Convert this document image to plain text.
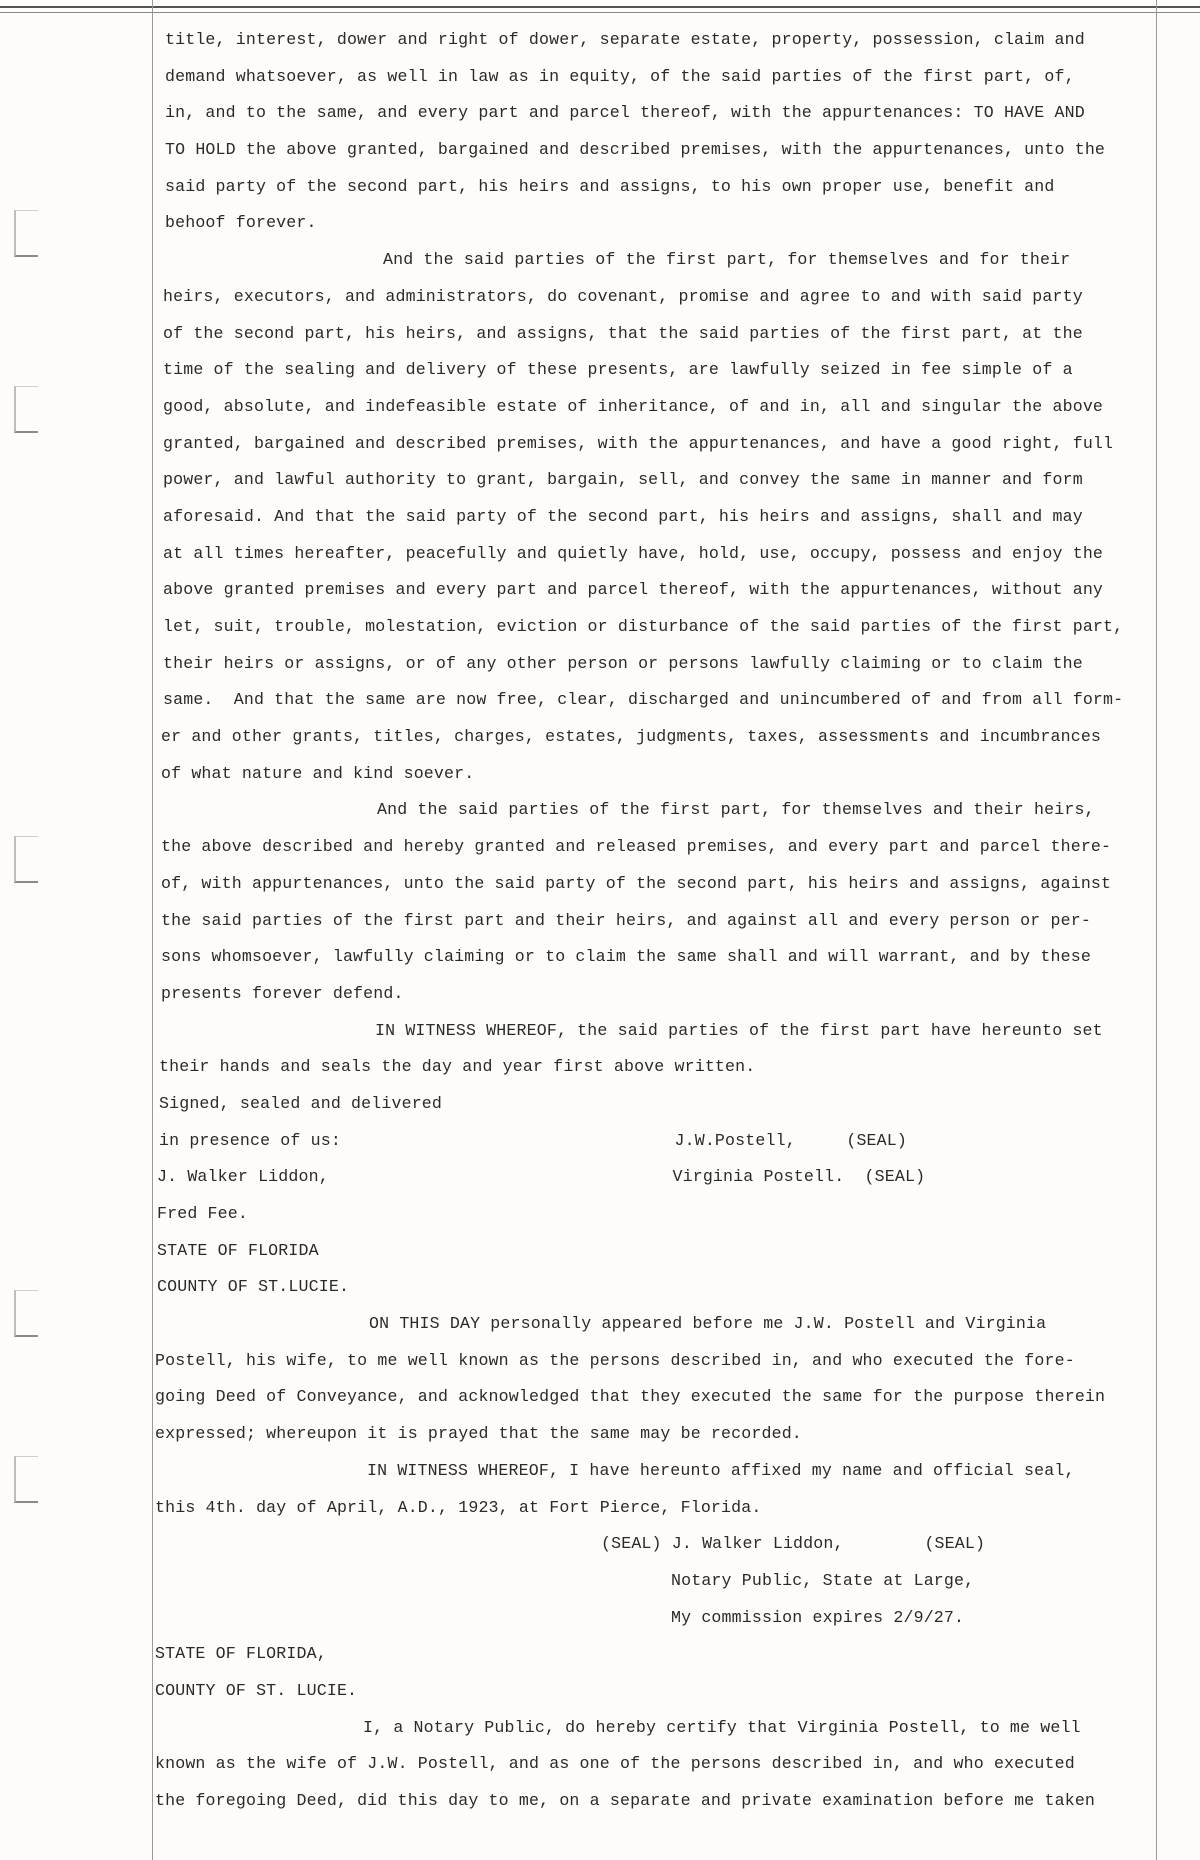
title, interest, dower and right of dower, separate estate, property, possession, claim and
demand whatsoever, as well in law as in equity, of the said parties of the first part, of,
in, and to the same, and every part and parcel thereof, with the appurtenances: TO HAVE AND
TO HOLD the above granted, bargained and described premises, with the appurtenances, unto the
said party of the second part, his heirs and assigns, to his own proper use, benefit and
behoof forever.
And the said parties of the first part, for themselves and for their
heirs, executors, and administrators, do covenant, promise and agree to and with said party
of the second part, his heirs, and assigns, that the said parties of the first part, at the
time of the sealing and delivery of these presents, are lawfully seized in fee simple of a
good, absolute, and indefeasible estate of inheritance, of and in, all and singular the above
granted, bargained and described premises, with the appurtenances, and have a good right, full
power, and lawful authority to grant, bargain, sell, and convey the same in manner and form
aforesaid. And that the said party of the second part, his heirs and assigns, shall and may
at all times hereafter, peacefully and quietly have, hold, use, occupy, possess and enjoy the
above granted premises and every part and parcel thereof, with the appurtenances, without any
let, suit, trouble, molestation, eviction or disturbance of the said parties of the first part,
their heirs or assigns, or of any other person or persons lawfully claiming or to claim the
same.  And that the same are now free, clear, discharged and unincumbered of and from all form-
er and other grants, titles, charges, estates, judgments, taxes, assessments and incumbrances
of what nature and kind soever.
And the said parties of the first part, for themselves and their heirs,
the above described and hereby granted and released premises, and every part and parcel there-
of, with appurtenances, unto the said party of the second part, his heirs and assigns, against
the said parties of the first part and their heirs, and against all and every person or per-
sons whomsoever, lawfully claiming or to claim the same shall and will warrant, and by these
presents forever defend.
IN WITNESS WHEREOF, the said parties of the first part have hereunto set
their hands and seals the day and year first above written.
Signed, sealed and delivered
in presence of us:                                 J.W.Postell,     (SEAL)
J. Walker Liddon,                                  Virginia Postell.  (SEAL)
Fred Fee.
STATE OF FLORIDA
COUNTY OF ST.LUCIE.
ON THIS DAY personally appeared before me J.W. Postell and Virginia
Postell, his wife, to me well known as the persons described in, and who executed the fore-
going Deed of Conveyance, and acknowledged that they executed the same for the purpose therein
expressed; whereupon it is prayed that the same may be recorded.
IN WITNESS WHEREOF, I have hereunto affixed my name and official seal,
this 4th. day of April, A.D., 1923, at Fort Pierce, Florida.
(SEAL) J. Walker Liddon,        (SEAL)
Notary Public, State at Large,
My commission expires 2/9/27.
STATE OF FLORIDA,
COUNTY OF ST. LUCIE.
I, a Notary Public, do hereby certify that Virginia Postell, to me well
known as the wife of J.W. Postell, and as one of the persons described in, and who executed
the foregoing Deed, did this day to me, on a separate and private examination before me taken
